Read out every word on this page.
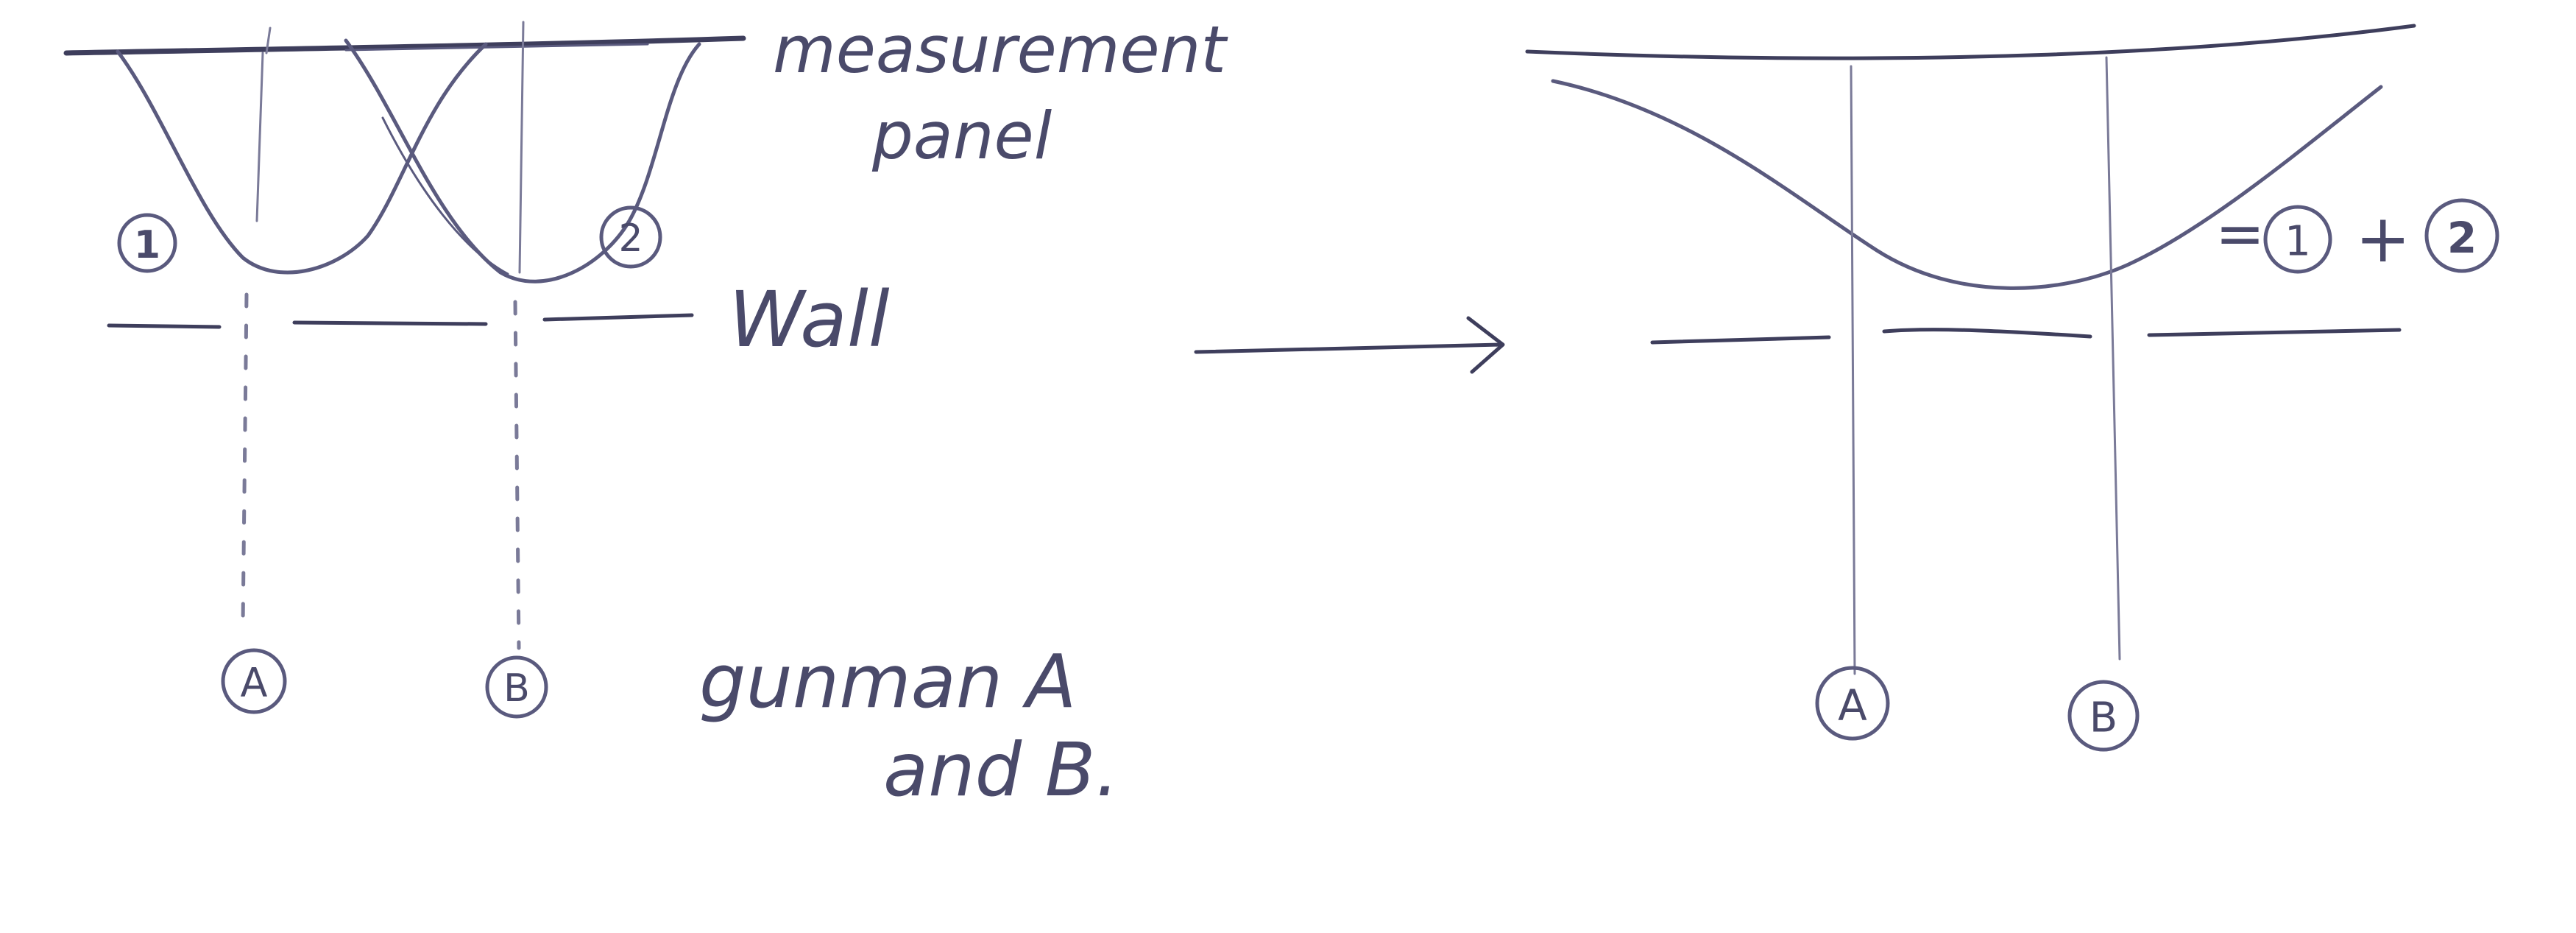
1	2
A	B
measurement
panel
Wall
gunman A
and B.
A	B
= 1 + 2
